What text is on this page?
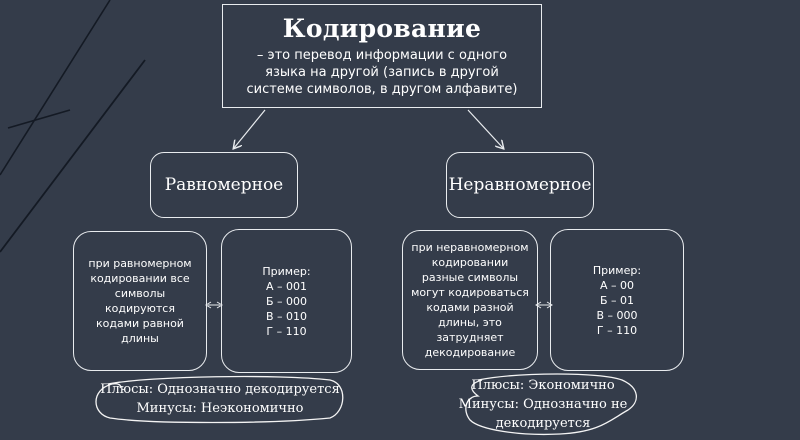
Кодирование
– это перевод информации с одного
языка на другой (запись в другой
системе символов, в другом алфавите)
Равномерное	Неравномерное
при равномерном
кодировании все
символы
кодируются
кодами равной
длины
Пример:
А – 001
Б – 000
В – 010
Г – 110
при неравномерном
кодировании
разные символы
могут кодироваться
кодами разной
длины, это
затрудняет
декодирование
Пример:
А – 00
Б – 01
В – 000
Г – 110
Плюсы: Однозначно декодируется
Минусы: Неэкономично
Плюсы: Экономично
Минусы: Однозначно не
декодируется
